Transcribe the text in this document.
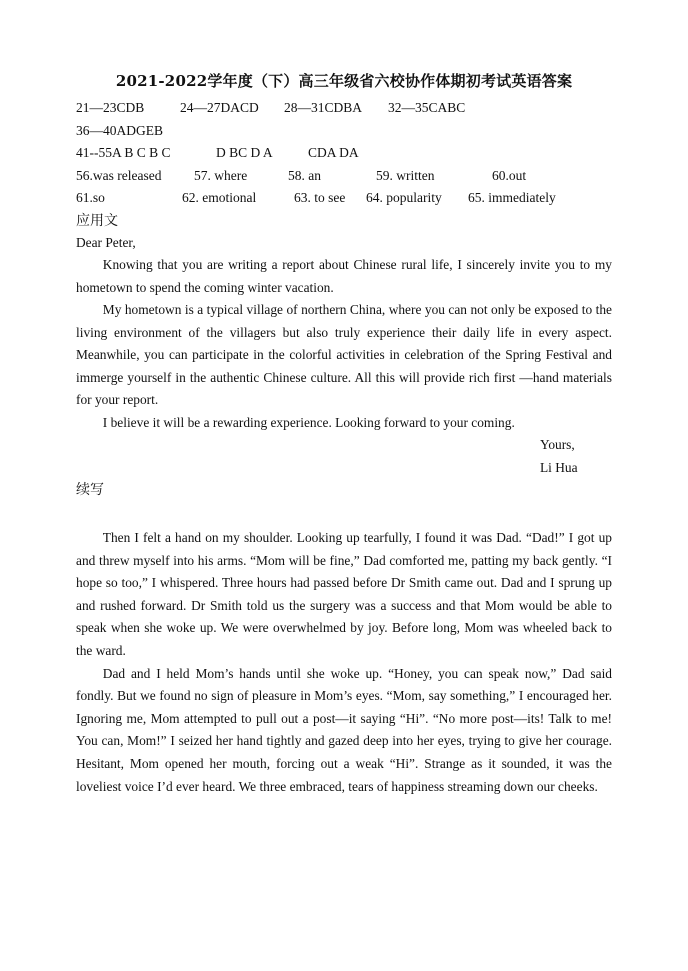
2021-2022学年度（下）高三年级省六校协作体期初考试英语答案
21—23CDB	24—27DACD 28—31CDBA 32—35CABC
36—40ADGEB
41--55A B C B C	D BC D A	CDA DA
56.was released 57. where	58. an	59. written	60.out
61.so	62. emotional	63. to see 64. popularity 65. immediately
应用文

Dear Peter,

Knowing that you are writing a report about Chinese rural life, I sincerely invite you to my hometown to spend the coming winter vacation.

My hometown is a typical village of northern China, where you can not only be exposed to the living environment of the villagers but also truly experience their daily life in every aspect. Meanwhile, you can participate in the colorful activities in celebration of the Spring Festival and immerge yourself in the authentic Chinese culture. All this will provide rich first —hand materials for your report.

I believe it will be a rewarding experience. Looking forward to your coming.

Yours,

Li Hua

续写

Then I felt a hand on my shoulder. Looking up tearfully, I found it was Dad. “Dad!” I got up and threw myself into his arms. “Mom will be fine,” Dad comforted me, patting my back gently. “I hope so too,” I whispered. Three hours had passed before Dr Smith came out. Dad and I sprung up and rushed forward. Dr Smith told us the surgery was a success and that Mom would be able to speak when she woke up. We were overwhelmed by joy. Before long, Mom was wheeled back to the ward.

Dad and I held Mom’s hands until she woke up. “Honey, you can speak now,” Dad said fondly. But we found no sign of pleasure in Mom’s eyes. “Mom, say something,” I encouraged her. Ignoring me, Mom attempted to pull out a post—it saying “Hi”. “No more post—its! Talk to me! You can, Mom!” I seized her hand tightly and gazed deep into her eyes, trying to give her courage. Hesitant, Mom opened her mouth, forcing out a weak “Hi”. Strange as it sounded, it was the loveliest voice I’d ever heard. We three embraced, tears of happiness streaming down our cheeks.
